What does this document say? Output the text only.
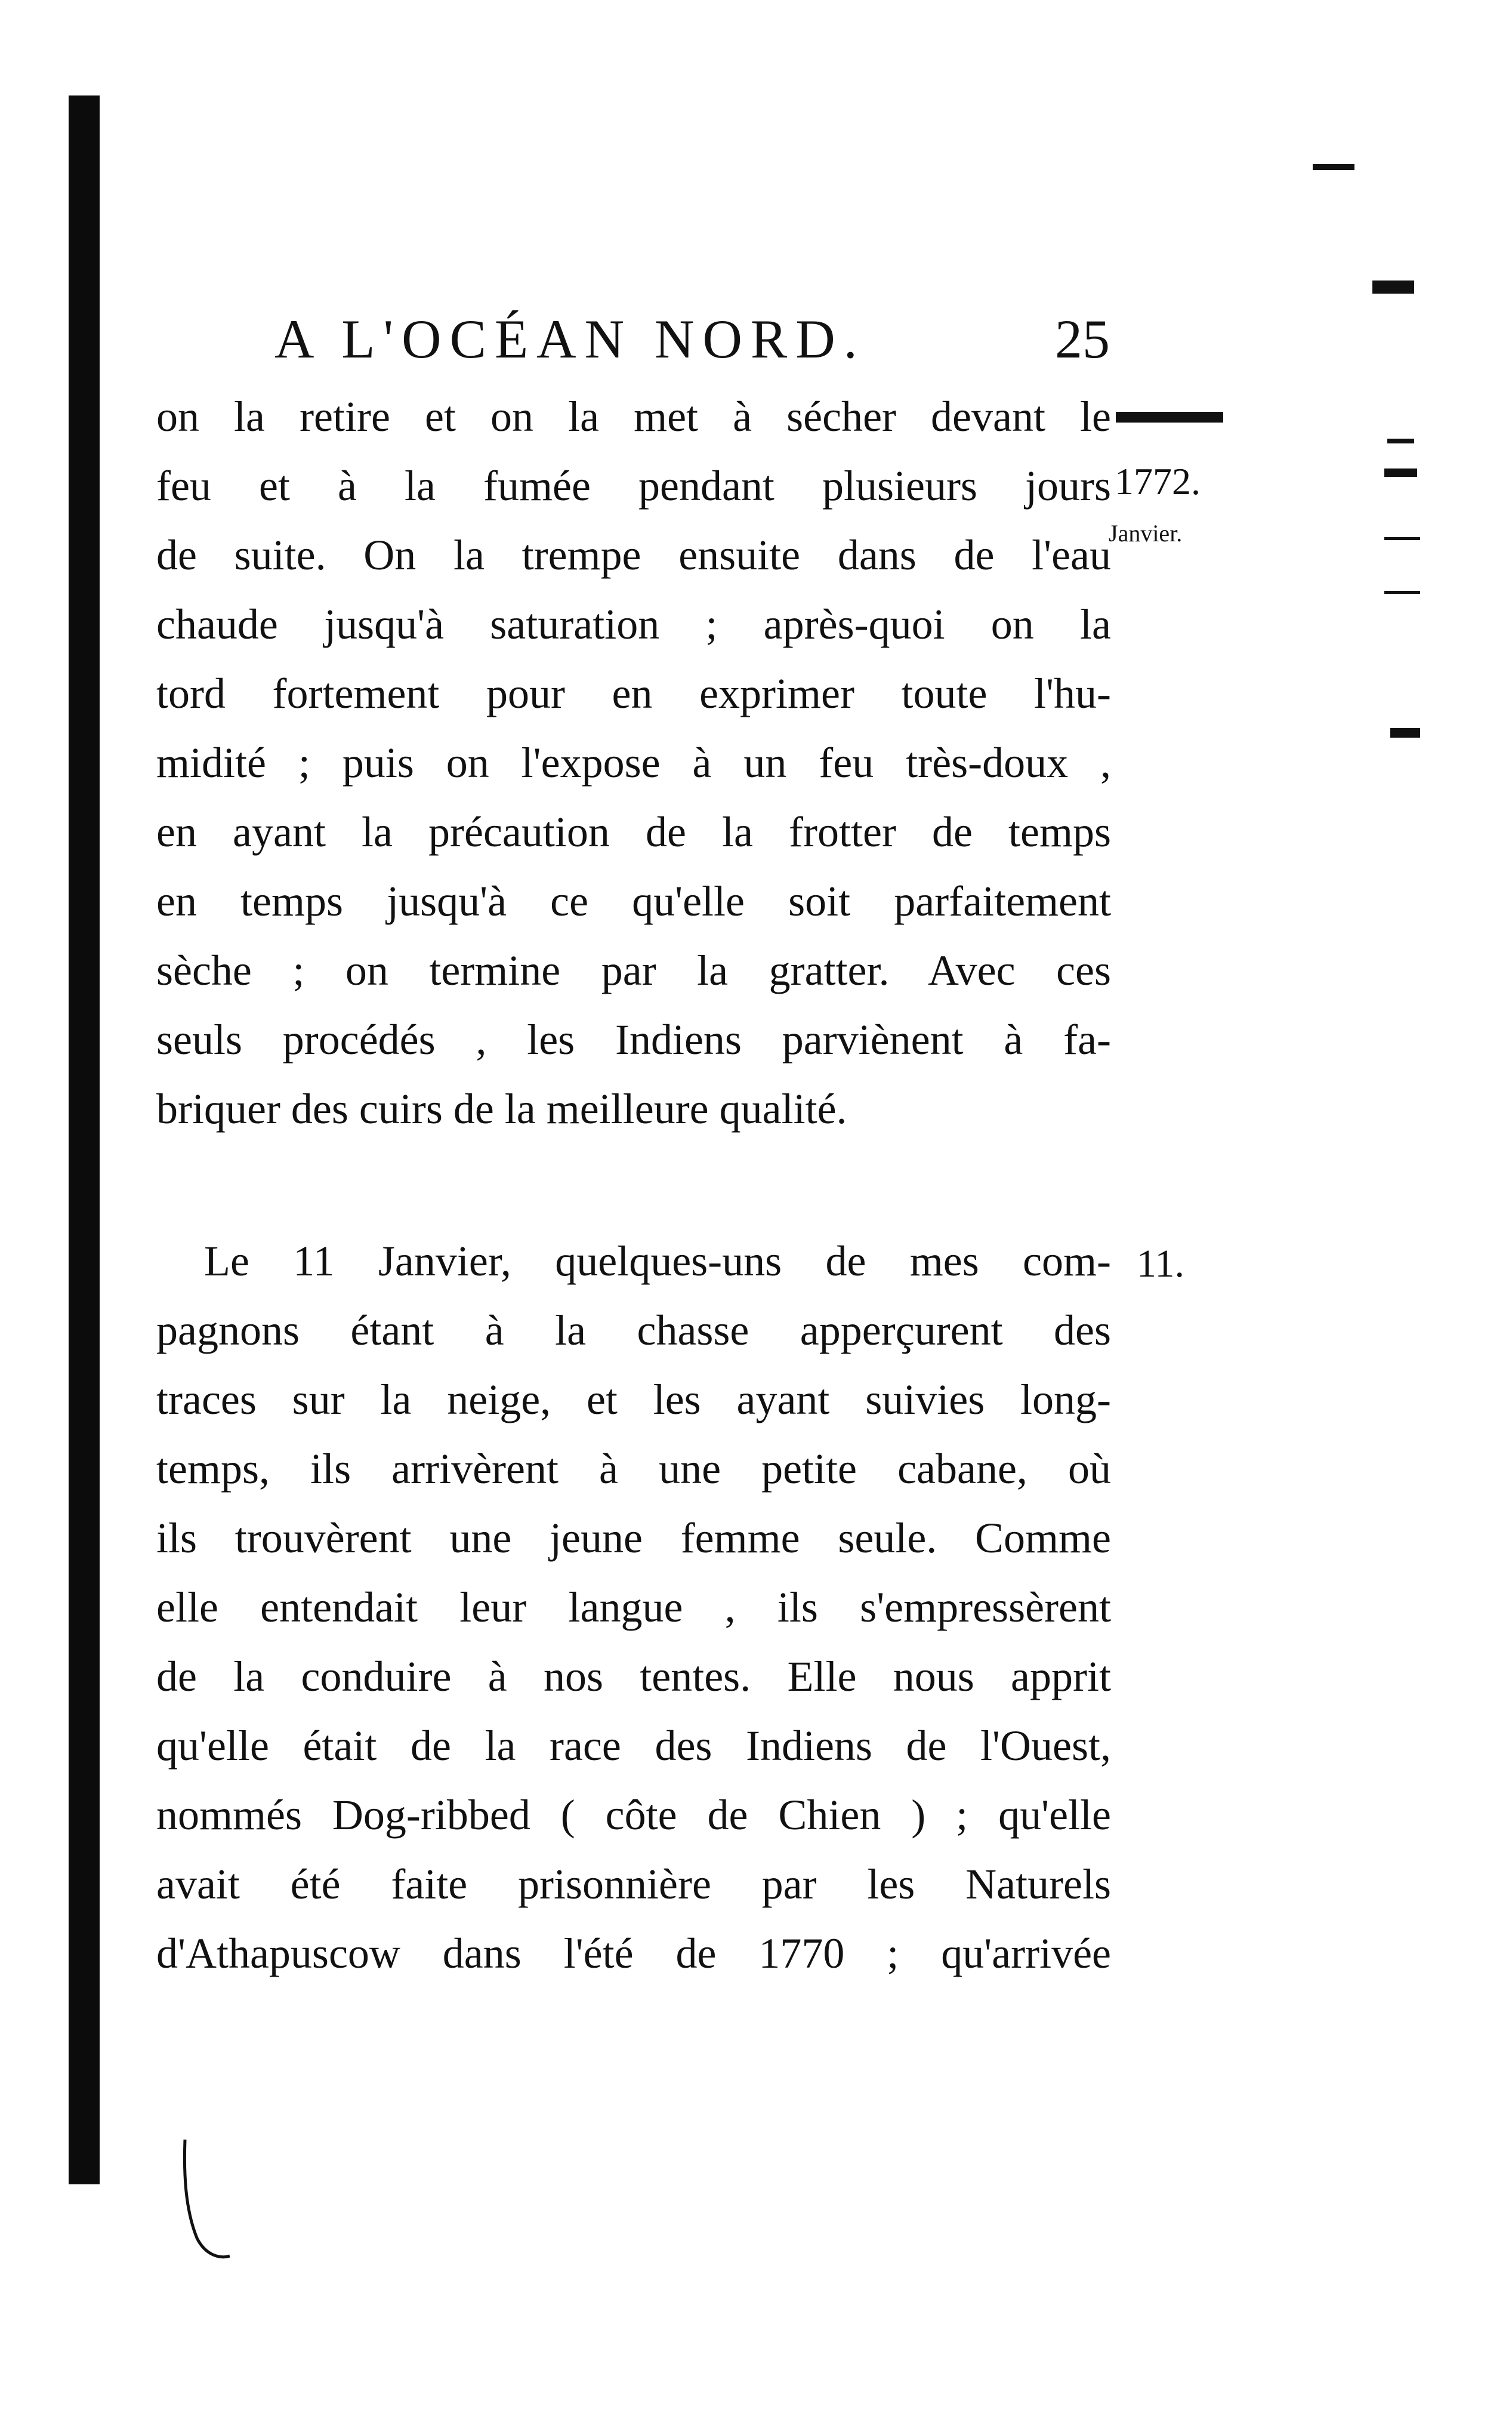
A L'OCÉAN NORD.	25
on la retire et on la met à sécher devant le
feu et à la fumée pendant plusieurs jours
de suite. On la trempe ensuite dans de l'eau
chaude jusqu'à saturation ; après-quoi on la
tord fortement pour en exprimer toute l'hu-
midité ; puis on l'expose à un feu très-doux ,
en ayant la précaution de la frotter de temps
en temps jusqu'à ce qu'elle soit parfaitement
sèche ; on termine par la gratter. Avec ces
seuls procédés , les Indiens parviènent à fa-
briquer des cuirs de la meilleure qualité.
Le 11 Janvier, quelques-uns de mes com-
pagnons étant à la chasse apperçurent des
traces sur la neige, et les ayant suivies long-
temps, ils arrivèrent à une petite cabane, où
ils trouvèrent une jeune femme seule. Comme
elle entendait leur langue , ils s'empressèrent
de la conduire à nos tentes. Elle nous apprit
qu'elle était de la race des Indiens de l'Ouest,
nommés Dog-ribbed ( côte de Chien ) ; qu'elle
avait été faite prisonnière par les Naturels
d'Athapuscow dans l'été de 1770 ; qu'arrivée
1772.
Janvier.
11.
